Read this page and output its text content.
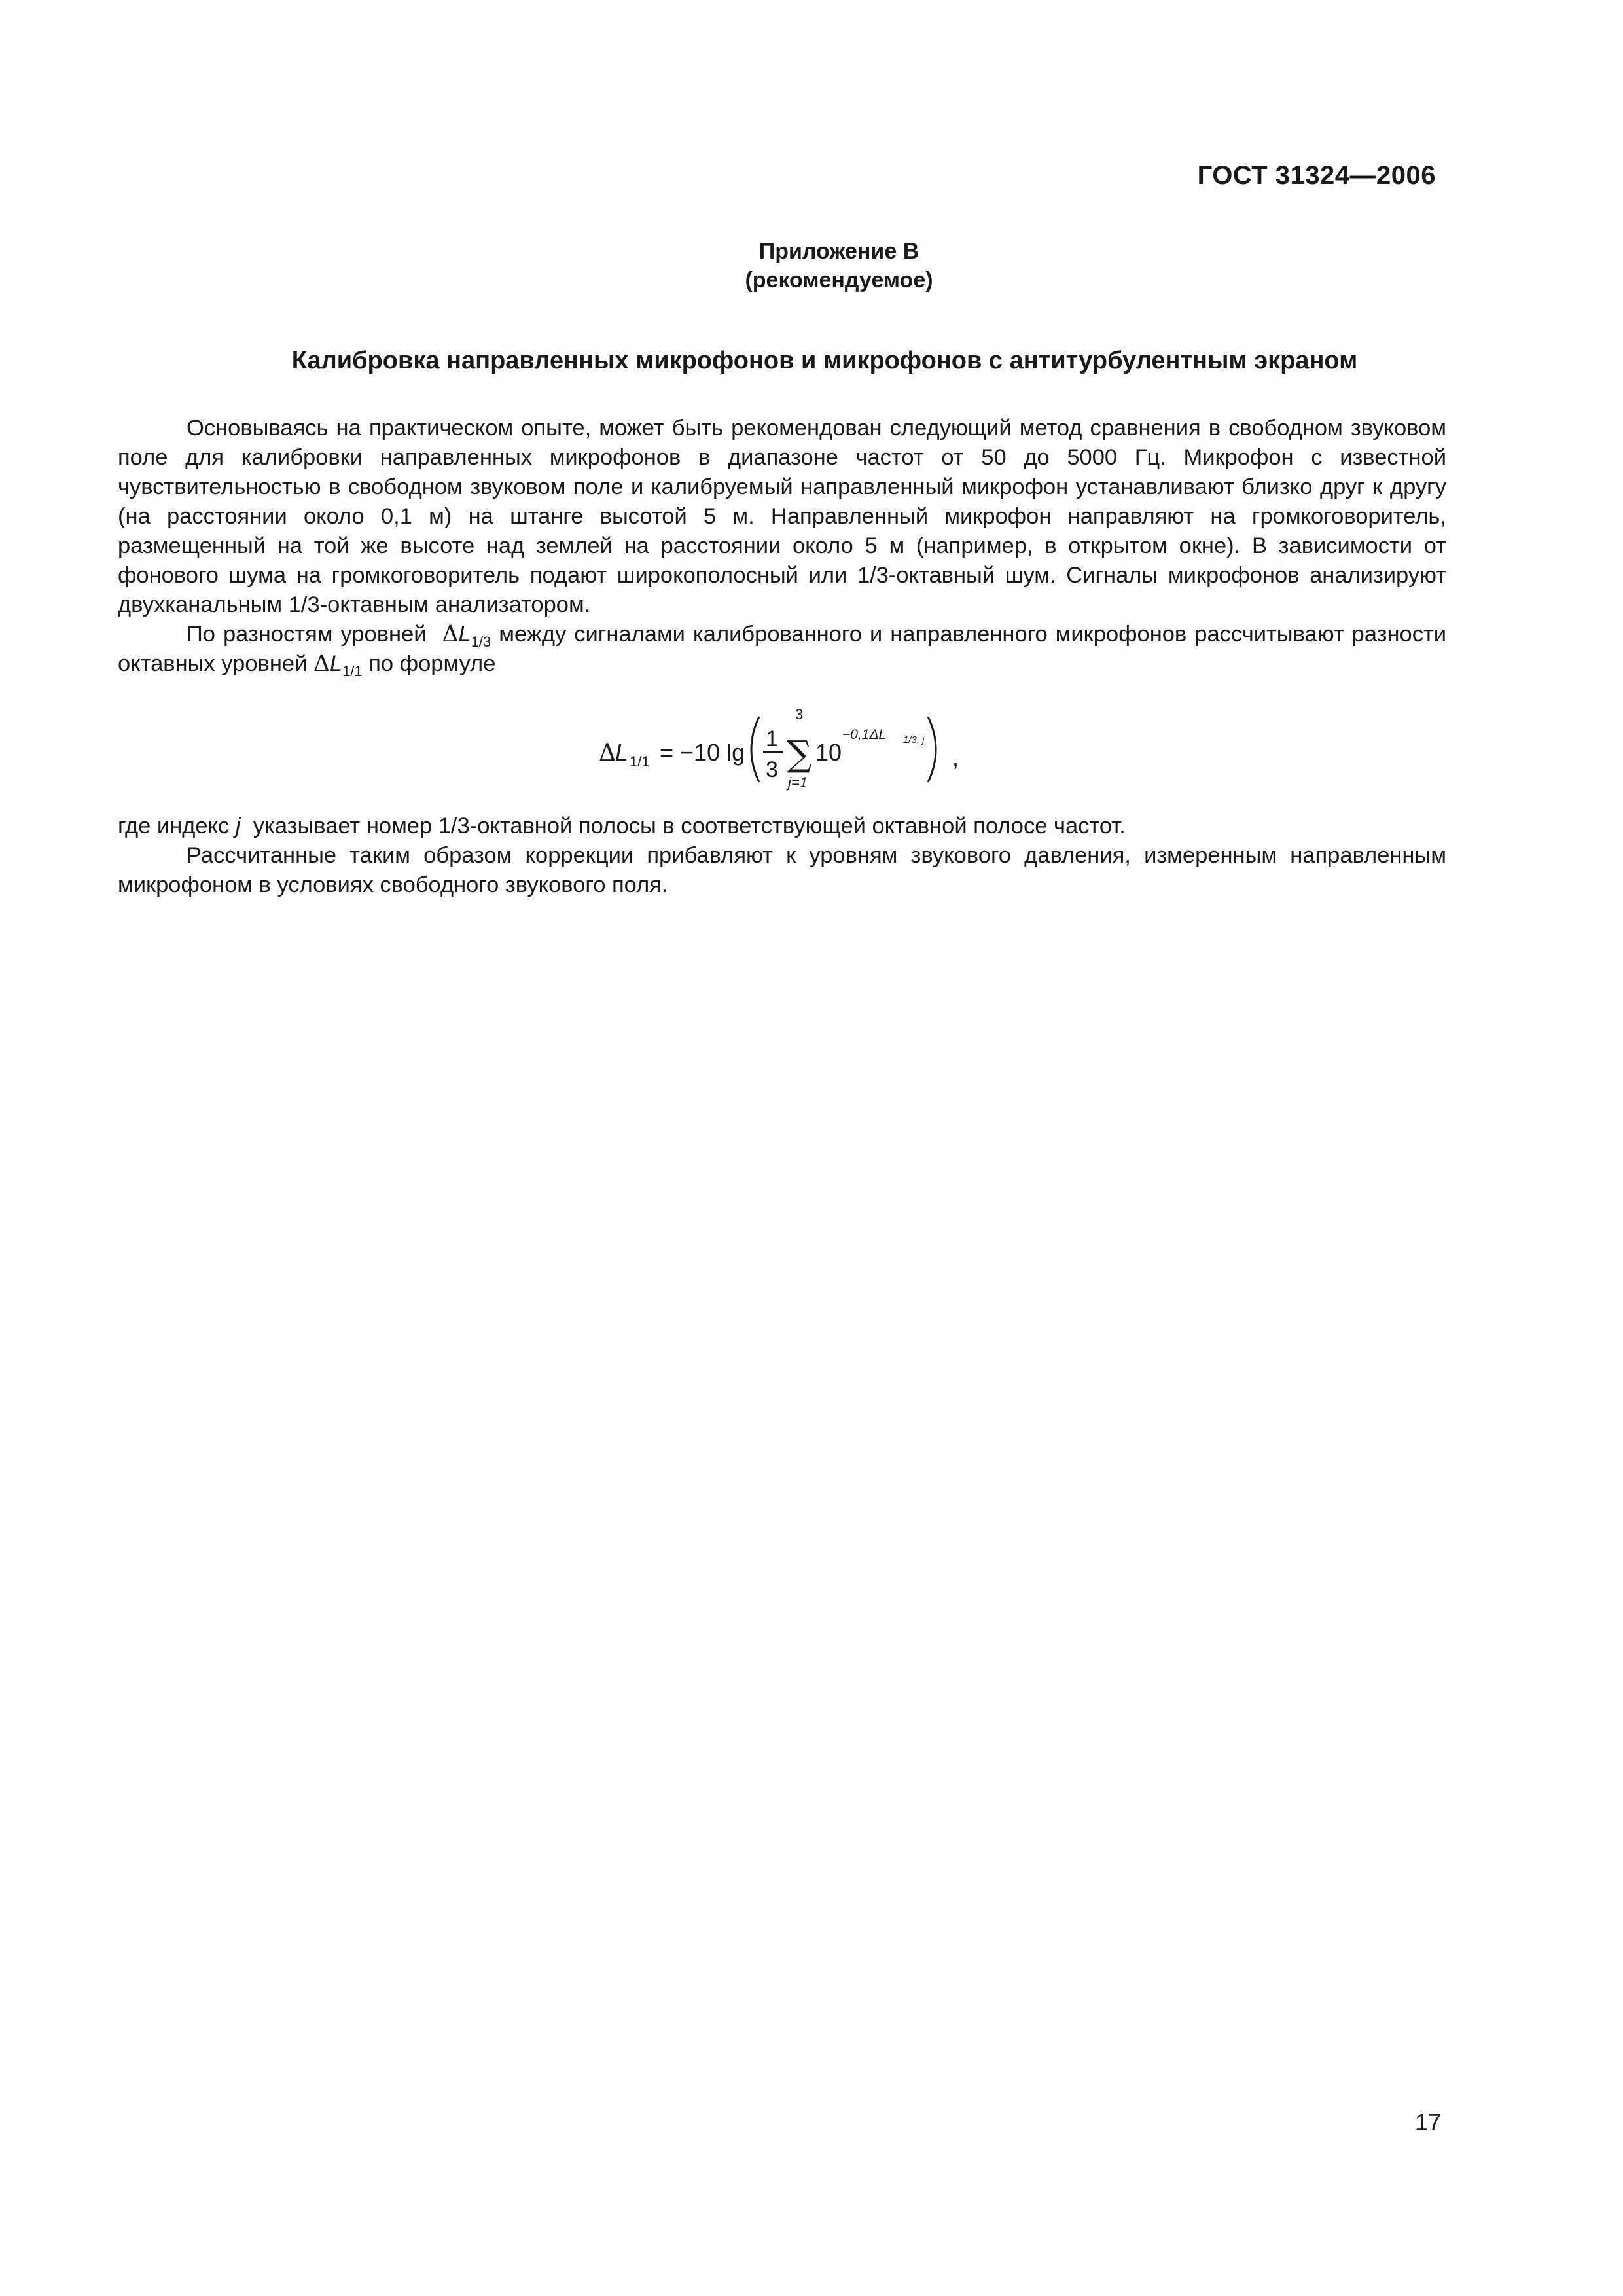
ГОСТ 31324—2006
Приложение В
(рекомендуемое)
Калибровка направленных микрофонов и микрофонов с антитурбулентным экраном

Основываясь на практическом опыте, может быть рекомендован следующий метод сравнения в свободном звуковом поле для калибровки направленных микрофонов в диапазоне частот от 50 до 5000 Гц. Микрофон с известной чувствительностью в свободном звуковом поле и калибруемый направленный микрофон устанавливают близко друг к другу (на расстоянии около 0,1 м) на штанге высотой 5 м. Направленный микрофон направляют на громкоговоритель, размещенный на той же высоте над землей на расстоянии около 5 м (например, в открытом окне). В зависимости от фонового шума на громкоговоритель подают широкополосный или 1/3-октавный шум. Сигналы микрофонов анализируют двухканальным 1/3-октавным анализатором.

По разностям уровней $\Delta L_{1/3}$ между сигналами калиброванного и направленного микрофонов рассчитывают разности октавных уровней $\Delta L_{1/1}$ по формуле

Δ L 1/1 = −10 lg 1
3
3
∑
j=1
10
−0,1ΔL 1/3, j
,

где индекс j указывает номер 1/3-октавной полосы в соответствующей октавной полосе частот.

Рассчитанные таким образом коррекции прибавляют к уровням звукового давления, измеренным направленным микрофоном в условиях свободного звукового поля.

17
